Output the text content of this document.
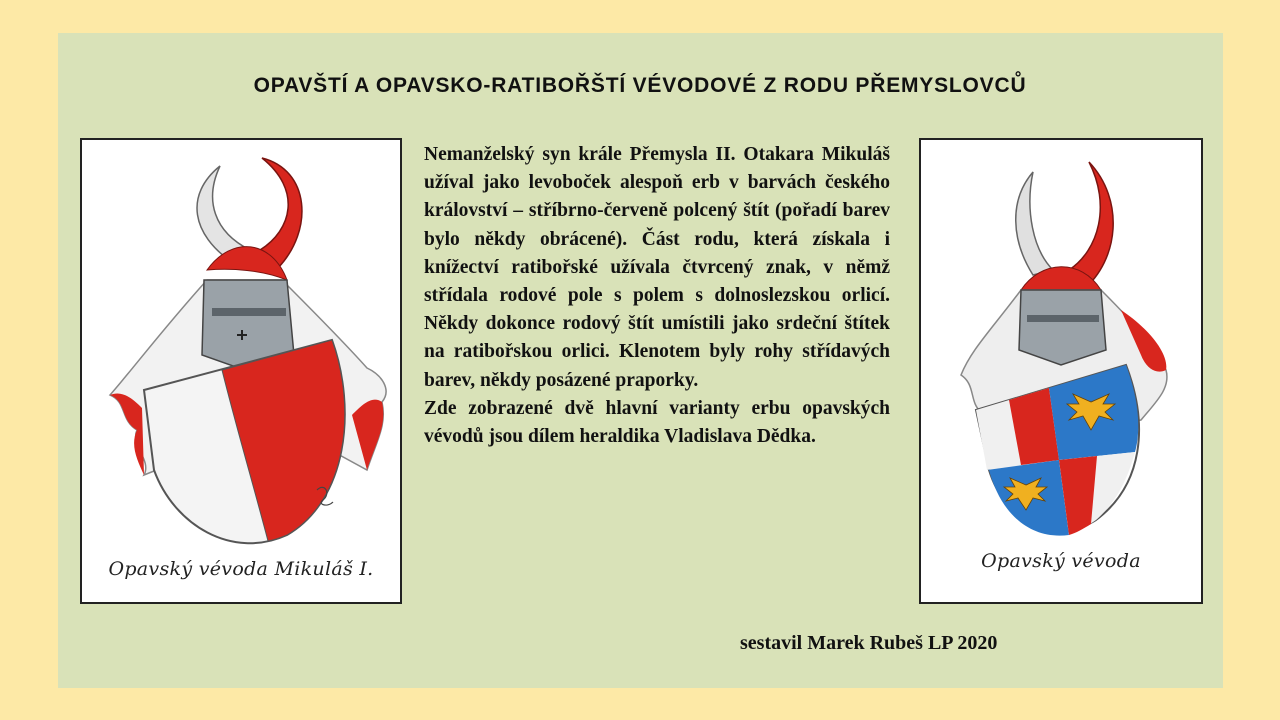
OPAVŠTÍ A OPAVSKO-RATIBOŘŠTÍ VÉVODOVÉ Z RODU PŘEMYSLOVCŮ
Opavský vévoda Mikuláš I.

Nemanželský syn krále Přemysla II. Otakara Mikuláš užíval jako levoboček alespoň erb v barvách českého království – stříbrno-červeně polcený štít (pořadí barev bylo někdy obrácené). Část rodu, která získala i knížectví ratibořské užívala čtvrcený znak, v němž střídala rodové pole s polem s dolnoslezskou orlicí. Někdy dokonce rodový štít umístili jako srdeční štítek na ratibořskou orlici. Klenotem byly rohy střídavých barev, někdy posázené praporky.

Zde zobrazené dvě hlavní varianty erbu opavských vévodů jsou dílem heraldika Vladislava Dědka.

Opavský vévoda
sestavil Marek Rubeš LP 2020
